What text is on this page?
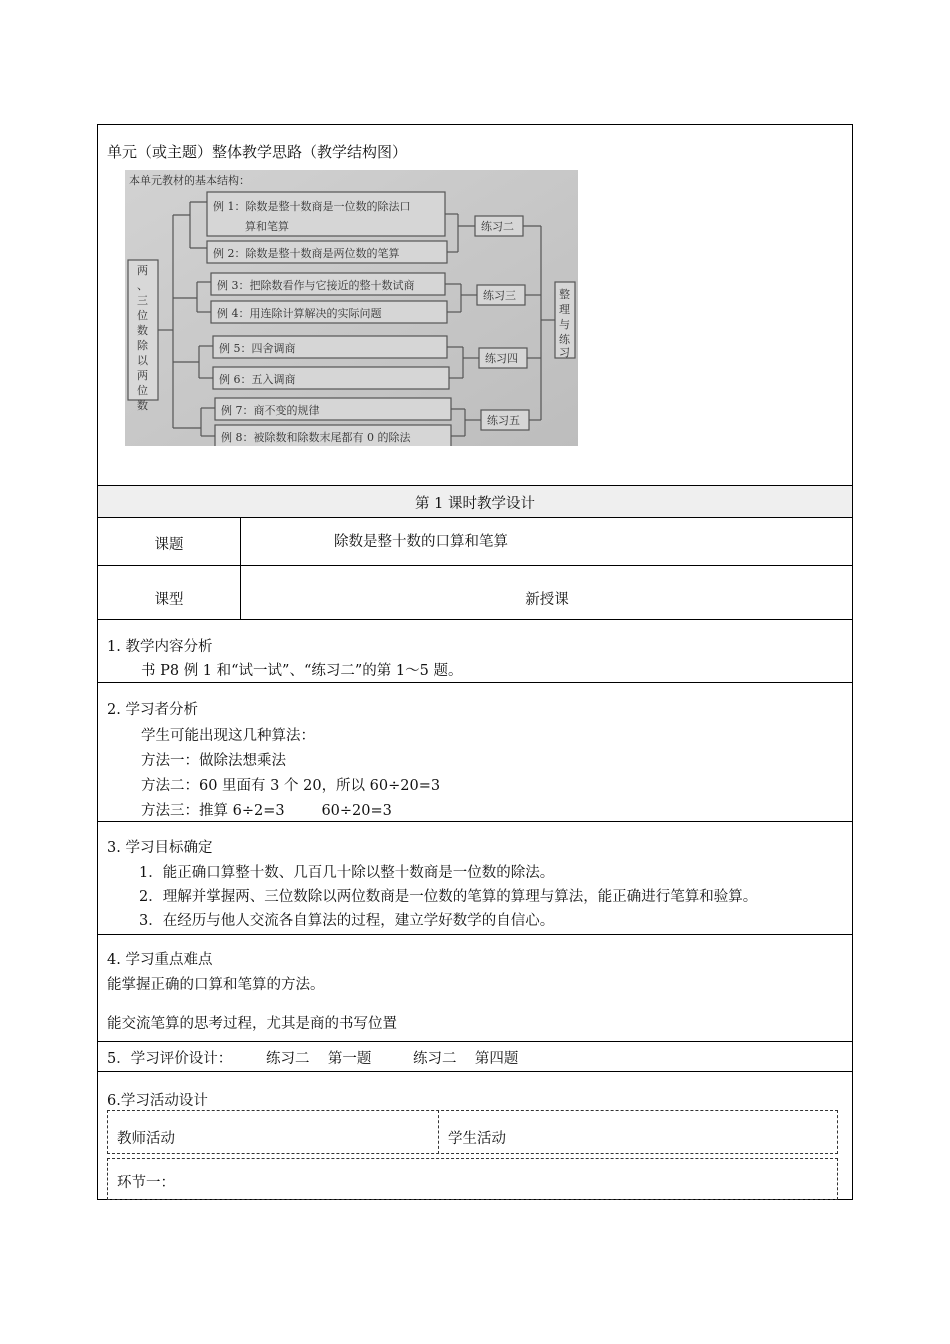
单元（或主题）整体教学思路（教学结构图）
本单元教材的基本结构：
两
、
三
位
数
除
以
两
位
数
例 1：除数是整十数商是一位数的除法口
算和笔算
例 2：除数是整十数商是两位数的笔算
例 3：把除数看作与它接近的整十数试商
例 4：用连除计算解决的实际问题
例 5：四舍调商
例 6：五入调商
例 7：商不变的规律
例 8：被除数和除数末尾都有 0 的除法
练习二
练习三
练习四
练习五
整
理
与
练
习
第 1 课时教学设计
课题	除数是整十数的口算和笔算
课型	新授课
1. 教学内容分析
书 P8 例 1 和“试一试”、“练习二”的第 1～5 题。
2. 学习者分析
学生可能出现这几种算法：
方法一：做除法想乘法
方法二：60 里面有 3 个 20，所以 60÷20=3
方法三：推算 6÷2=3        60÷20=3
3. 学习目标确定
1．能正确口算整十数、几百几十除以整十数商是一位数的除法。
2．理解并掌握两、三位数除以两位数商是一位数的笔算的算理与算法，能正确进行笔算和验算。
3．在经历与他人交流各自算法的过程，建立学好数学的自信心。
4. 学习重点难点
能掌握正确的口算和笔算的方法。
能交流笔算的思考过程，尤其是商的书写位置
5．学习评价设计： 练习二    第一题	练习二    第四题
6.学习活动设计
教师活动	学生活动
环节一：
